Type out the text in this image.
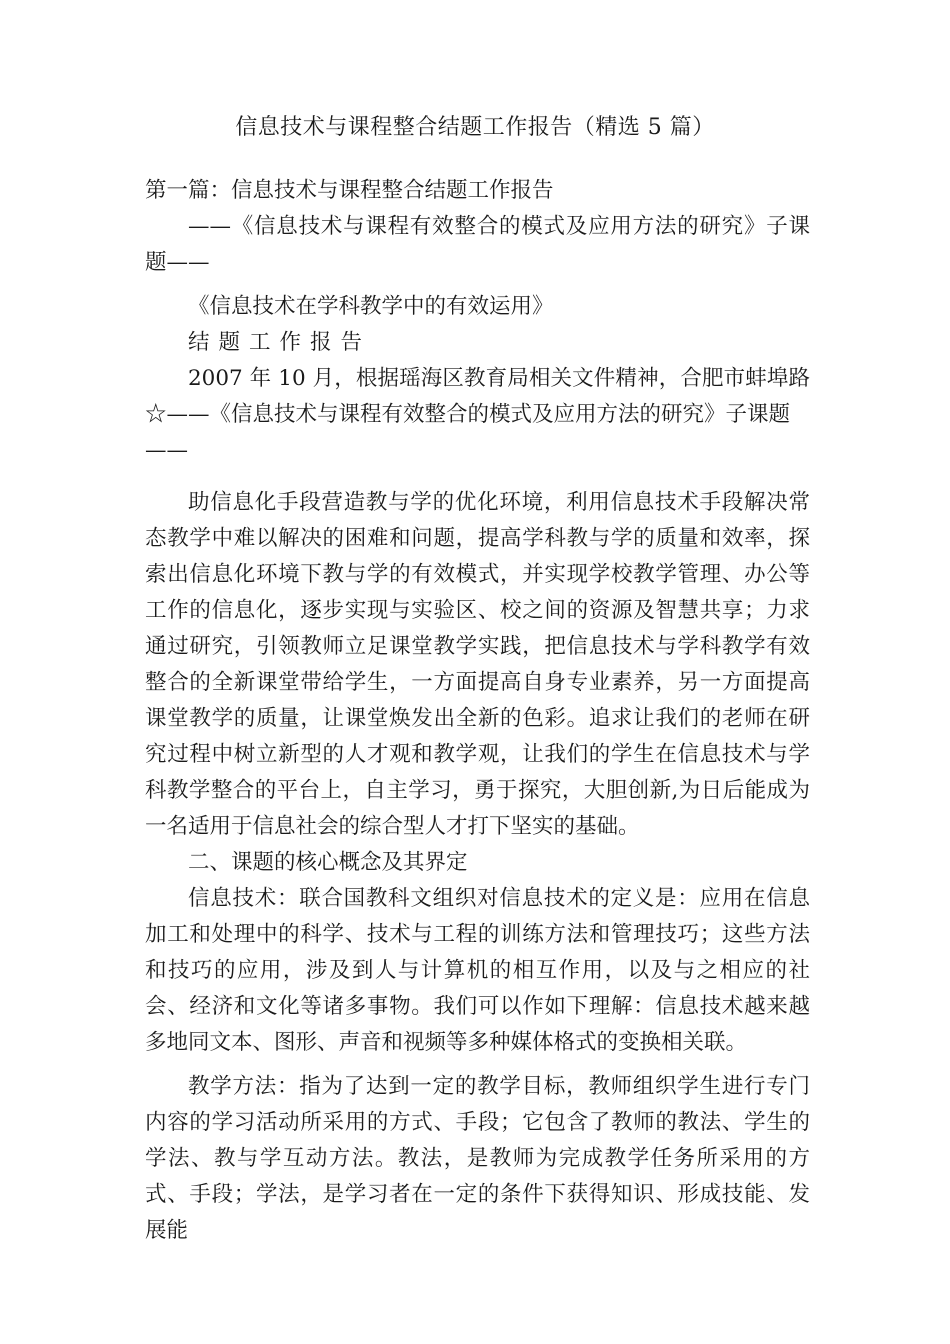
信息技术与课程整合结题工作报告（精选 5 篇）

第一篇：信息技术与课程整合结题工作报告

——《信息技术与课程有效整合的模式及应用方法的研究》子课题——

《信息技术在学科教学中的有效运用》

结题工作报告

2007 年 10 月，根据瑶海区教育局相关文件精神，合肥市蚌埠路☆——《信息技术与课程有效整合的模式及应用方法的研究》子课题

——

助信息化手段营造教与学的优化环境，利用信息技术手段解决常态教学中难以解决的困难和问题，提高学科教与学的质量和效率，探索出信息化环境下教与学的有效模式，并实现学校教学管理、办公等工作的信息化，逐步实现与实验区、校之间的资源及智慧共享；力求通过研究，引领教师立足课堂教学实践，把信息技术与学科教学有效整合的全新课堂带给学生，一方面提高自身专业素养，另一方面提高课堂教学的质量，让课堂焕发出全新的色彩。追求让我们的老师在研究过程中树立新型的人才观和教学观，让我们的学生在信息技术与学科教学整合的平台上，自主学习，勇于探究，大胆创新,为日后能成为一名适用于信息社会的综合型人才打下坚实的基础。

二、课题的核心概念及其界定

信息技术：联合国教科文组织对信息技术的定义是：应用在信息加工和处理中的科学、技术与工程的训练方法和管理技巧；这些方法和技巧的应用，涉及到人与计算机的相互作用，以及与之相应的社会、经济和文化等诸多事物。我们可以作如下理解：信息技术越来越多地同文本、图形、声音和视频等多种媒体格式的变换相关联。

教学方法：指为了达到一定的教学目标，教师组织学生进行专门内容的学习活动所采用的方式、手段；它包含了教师的教法、学生的学法、教与学互动方法。教法，是教师为完成教学任务所采用的方式、手段；学法，是学习者在一定的条件下获得知识、形成技能、发展能
